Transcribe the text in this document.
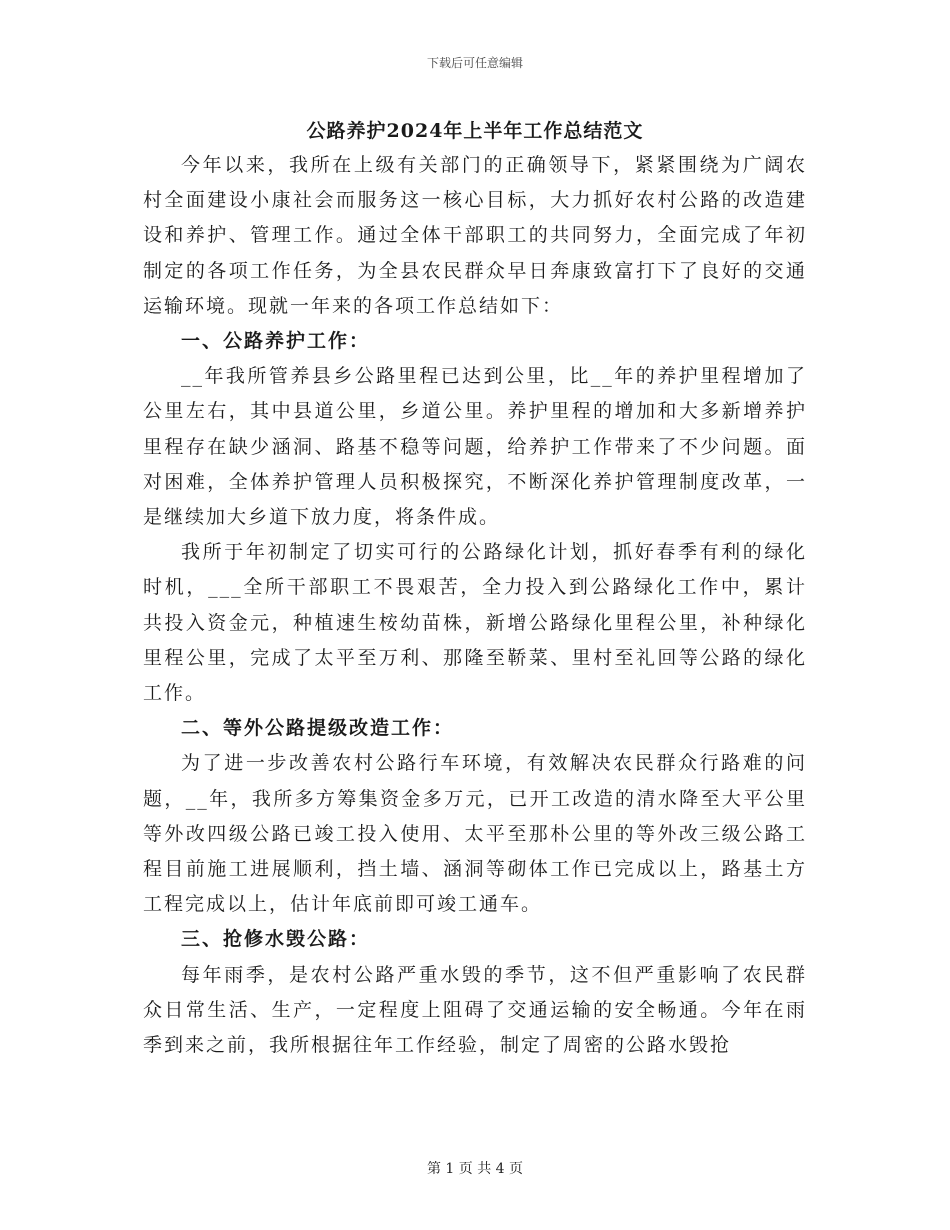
下载后可任意编辑
公路养护2024年上半年工作总结范文

今年以来，我所在上级有关部门的正确领导下，紧紧围绕为广阔农村全面建设小康社会而服务这一核心目标，大力抓好农村公路的改造建设和养护、管理工作。通过全体干部职工的共同努力，全面完成了年初制定的各项工作任务，为全县农民群众早日奔康致富打下了良好的交通运输环境。现就一年来的各项工作总结如下：

一、公路养护工作：

__年我所管养县乡公路里程已达到公里，比__年的养护里程增加了公里左右，其中县道公里，乡道公里。养护里程的增加和大多新增养护里程存在缺少涵洞、路基不稳等问题，给养护工作带来了不少问题。面对困难，全体养护管理人员积极探究，不断深化养护管理制度改革，一是继续加大乡道下放力度，将条件成。

我所于年初制定了切实可行的公路绿化计划，抓好春季有利的绿化时机，___全所干部职工不畏艰苦，全力投入到公路绿化工作中，累计共投入资金元，种植速生桉幼苗株，新增公路绿化里程公里，补种绿化里程公里，完成了太平至万利、那隆至鞒菜、里村至礼回等公路的绿化工作。

二、等外公路提级改造工作：

为了进一步改善农村公路行车环境，有效解决农民群众行路难的问题，__年，我所多方筹集资金多万元，已开工改造的清水降至大平公里等外改四级公路已竣工投入使用、太平至那朴公里的等外改三级公路工程目前施工进展顺利，挡土墙、涵洞等砌体工作已完成以上，路基土方工程完成以上，估计年底前即可竣工通车。

三、抢修水毁公路：

每年雨季，是农村公路严重水毁的季节，这不但严重影响了农民群众日常生活、生产，一定程度上阻碍了交通运输的安全畅通。今年在雨季到来之前，我所根据往年工作经验，制定了周密的公路水毁抢

第 1 页 共 4 页
